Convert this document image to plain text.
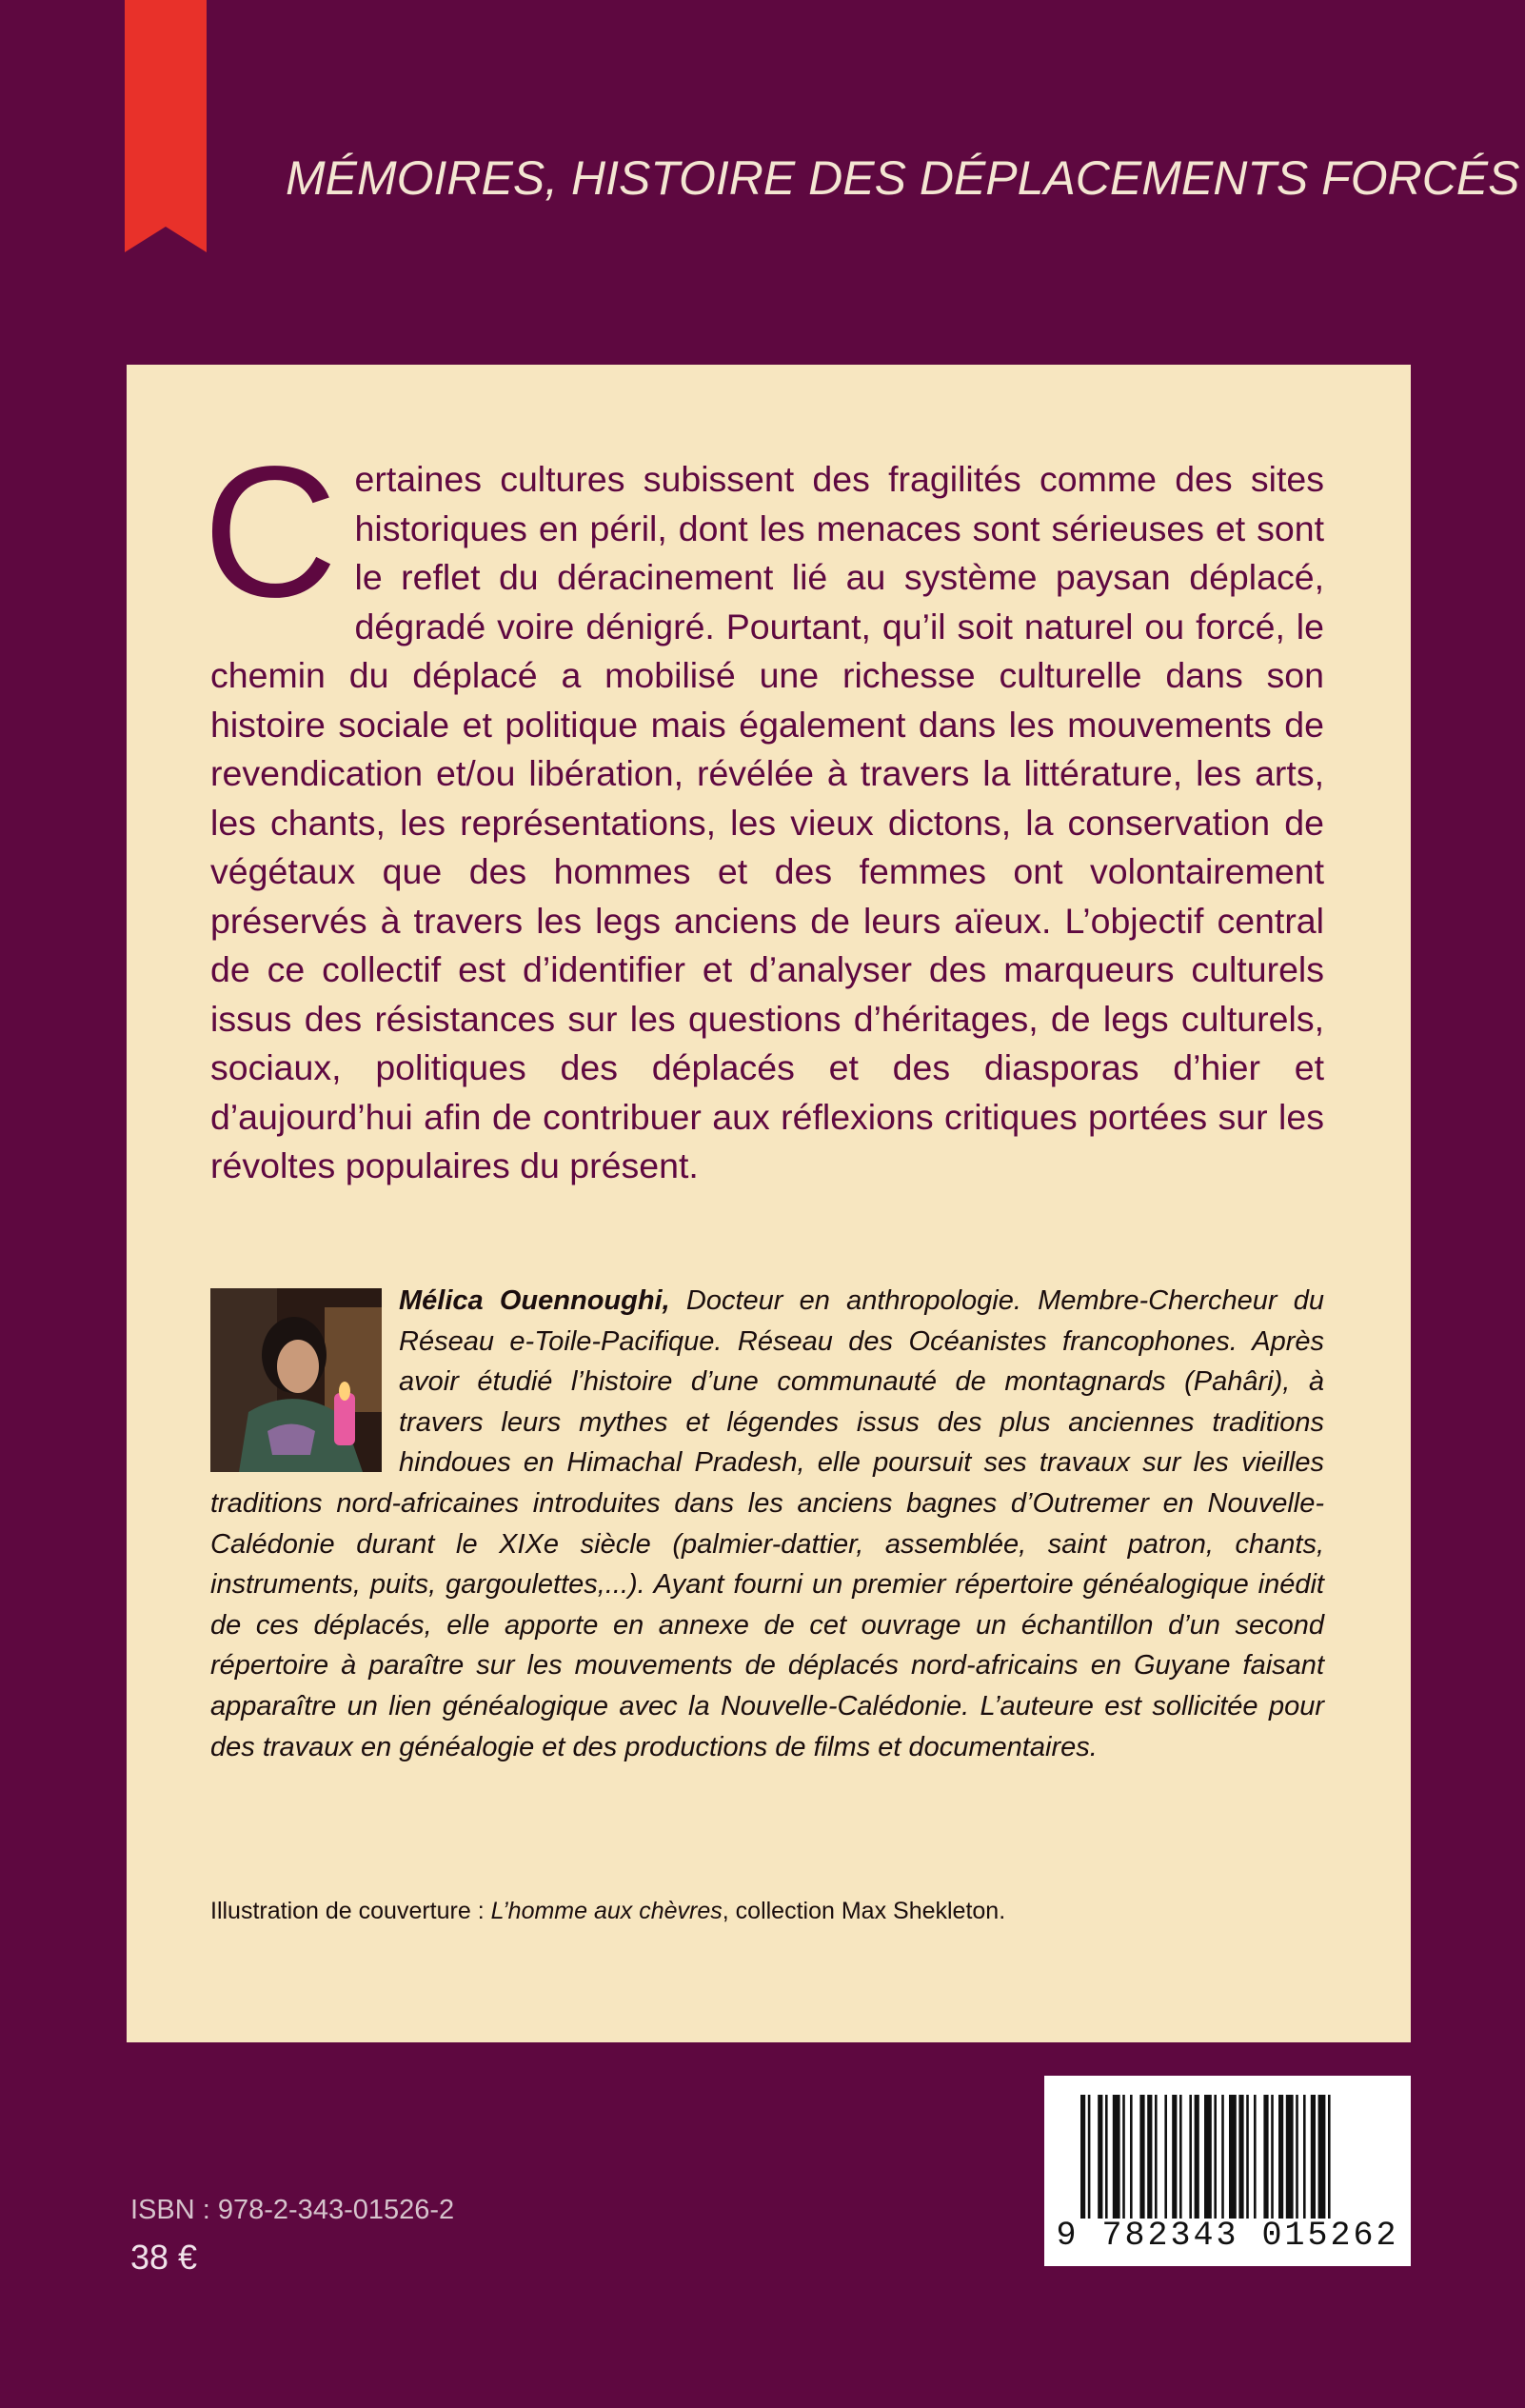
MÉMOIRES, HISTOIRE DES DÉPLACEMENTS FORCÉS
Certaines cultures subissent des fragilités comme des sites historiques en péril, dont les menaces sont sérieuses et sont le reflet du déracinement lié au système paysan déplacé, dégradé voire dénigré. Pourtant, qu’il soit naturel ou forcé, le chemin du déplacé a mobilisé une richesse culturelle dans son histoire sociale et politique mais également dans les mouvements de revendication et/ou libération, révélée à travers la littérature, les arts, les chants, les représentations, les vieux dictons, la conservation de végétaux que des hommes et des femmes ont volontairement préservés à travers les legs anciens de leurs aïeux. L’objectif central de ce collectif est d’identifier et d’analyser des marqueurs culturels issus des résistances sur les questions d’héritages, de legs culturels, sociaux, politiques des déplacés et des diasporas d’hier et d’aujourd’hui afin de contribuer aux réflexions critiques portées sur les révoltes populaires du présent.
Mélica Ouennoughi, Docteur en anthropologie. Membre-Chercheur du Réseau e-Toile-Pacifique. Réseau des Océanistes francophones. Après avoir étudié l’histoire d’une communauté de montagnards (Pahâri), à travers leurs mythes et légendes issus des plus anciennes traditions hindoues en Himachal Pradesh, elle poursuit ses travaux sur les vieilles traditions nord-africaines introduites dans les anciens bagnes d’Outremer en Nouvelle-Calédonie durant le XIXe siècle (palmier-dattier, assemblée, saint patron, chants, instruments, puits, gargoulettes,...). Ayant fourni un premier répertoire généalogique inédit de ces déplacés, elle apporte en annexe de cet ouvrage un échantillon d’un second répertoire à paraître sur les mouvements de déplacés nord-africains en Guyane faisant apparaître un lien généalogique avec la Nouvelle-Calédonie. L’auteure est sollicitée pour des travaux en généalogie et des productions de films et documentaires.
Illustration de couverture : L’homme aux chèvres, collection Max Shekleton.
ISBN : 978-2-343-01526-2
38 €
9 782343 015262
